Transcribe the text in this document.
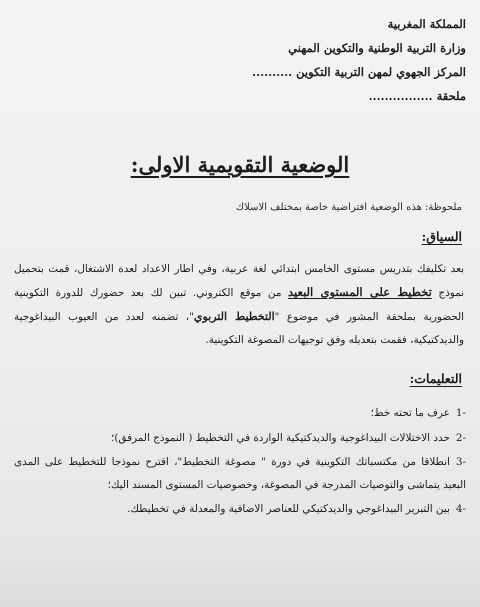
المملكة المغربية
وزارة التربية الوطنية والتكوين المهني
المركز الجهوي لمهن التربية التكوين ..........
ملحقة ................
الوضعية التقويمية الاولى:
ملحوظة: هذه الوضعية افتراضية خاصة بمختلف الاسلاك
السياق:
بعد تكليفك بتدريس مستوى الخامس ابتدائي لغة عربية، وفي اطار الاعداد لعدة الاشتغال، قمت بتحميل نموذج تخطيط على المستوى البعيد من موقع الكتروني. تبين لك بعد حضورك للدورة التكوينية الحضورية بملحقة المشور في موضوع "التخطيط التربوي"، تضمنه لعدد من العيوب البيداغوجية والديدكتيكية، فقمت بتعديله وفق توجيهات المصوغة التكوينية.
التعليمات:
-1عرف ما تحته خط؛
-2حدد الاختلالات البيداغوجية والديدكتيكية الواردة في التخطيط ( النموذج المرفق)؛
-3انطلاقا من مكتسباتك التكوينية في دورة " مصوغة التخطيط"، اقترح نموذجا للتخطيط على المدى البعيد يتماشى والتوصيات المدرجة في المصوغة، وخصوصيات المستوى المسند اليك؛
-4بين التبرير البيداغوجي والديدكتيكي للعناصر الاضافية والمعدلة في تخطيطك.
